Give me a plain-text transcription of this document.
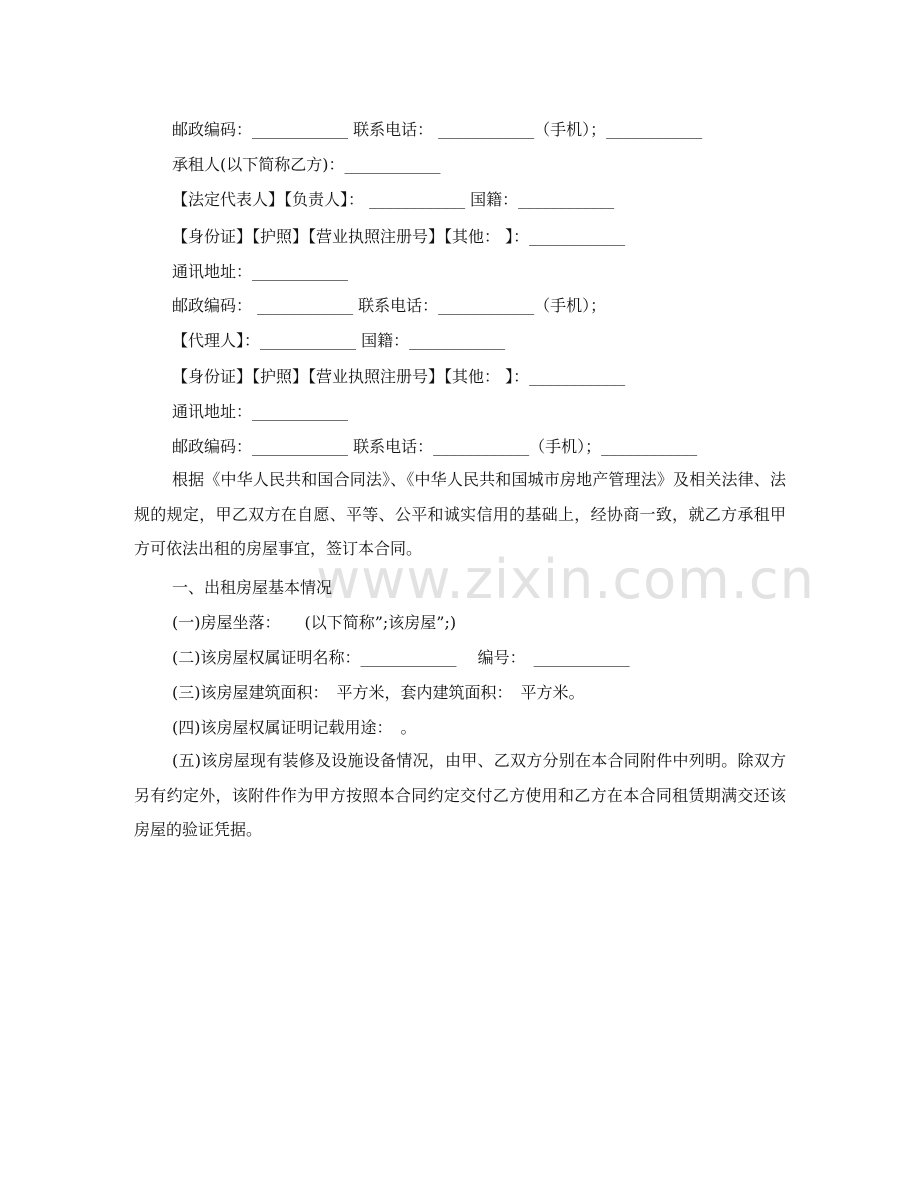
邮政编码：____________ 联系电话： ____________（手机）；____________
承租人(以下简称乙方)：____________
【法定代表人】【负责人】： ____________ 国籍：____________
【身份证】【护照】【营业执照注册号】【其他： 】：____________
通讯地址：____________
邮政编码： ____________ 联系电话：____________（手机）；
【代理人】：____________ 国籍：____________
【身份证】【护照】【营业执照注册号】【其他： 】：____________
通讯地址：____________
邮政编码：____________ 联系电话：____________（手机）；____________
根据《中华人民共和国合同法》、《中华人民共和国城市房地产管理法》及相关法律、法规的规定，甲乙双方在自愿、平等、公平和诚实信用的基础上，经协商一致，就乙方承租甲方可依法出租的房屋事宜，签订本合同。
www.zixin.com.cn
一、出租房屋基本情况
(一)房屋坐落：　　(以下简称”;该房屋”;)
(二)该房屋权属证明名称：____________ 　编号：　____________
(三)该房屋建筑面积：　平方米，套内建筑面积：　平方米。
(四)该房屋权属证明记载用途：　。
(五)该房屋现有装修及设施设备情况，由甲、乙双方分别在本合同附件中列明。除双方另有约定外，该附件作为甲方按照本合同约定交付乙方使用和乙方在本合同租赁期满交还该房屋的验证凭据。
